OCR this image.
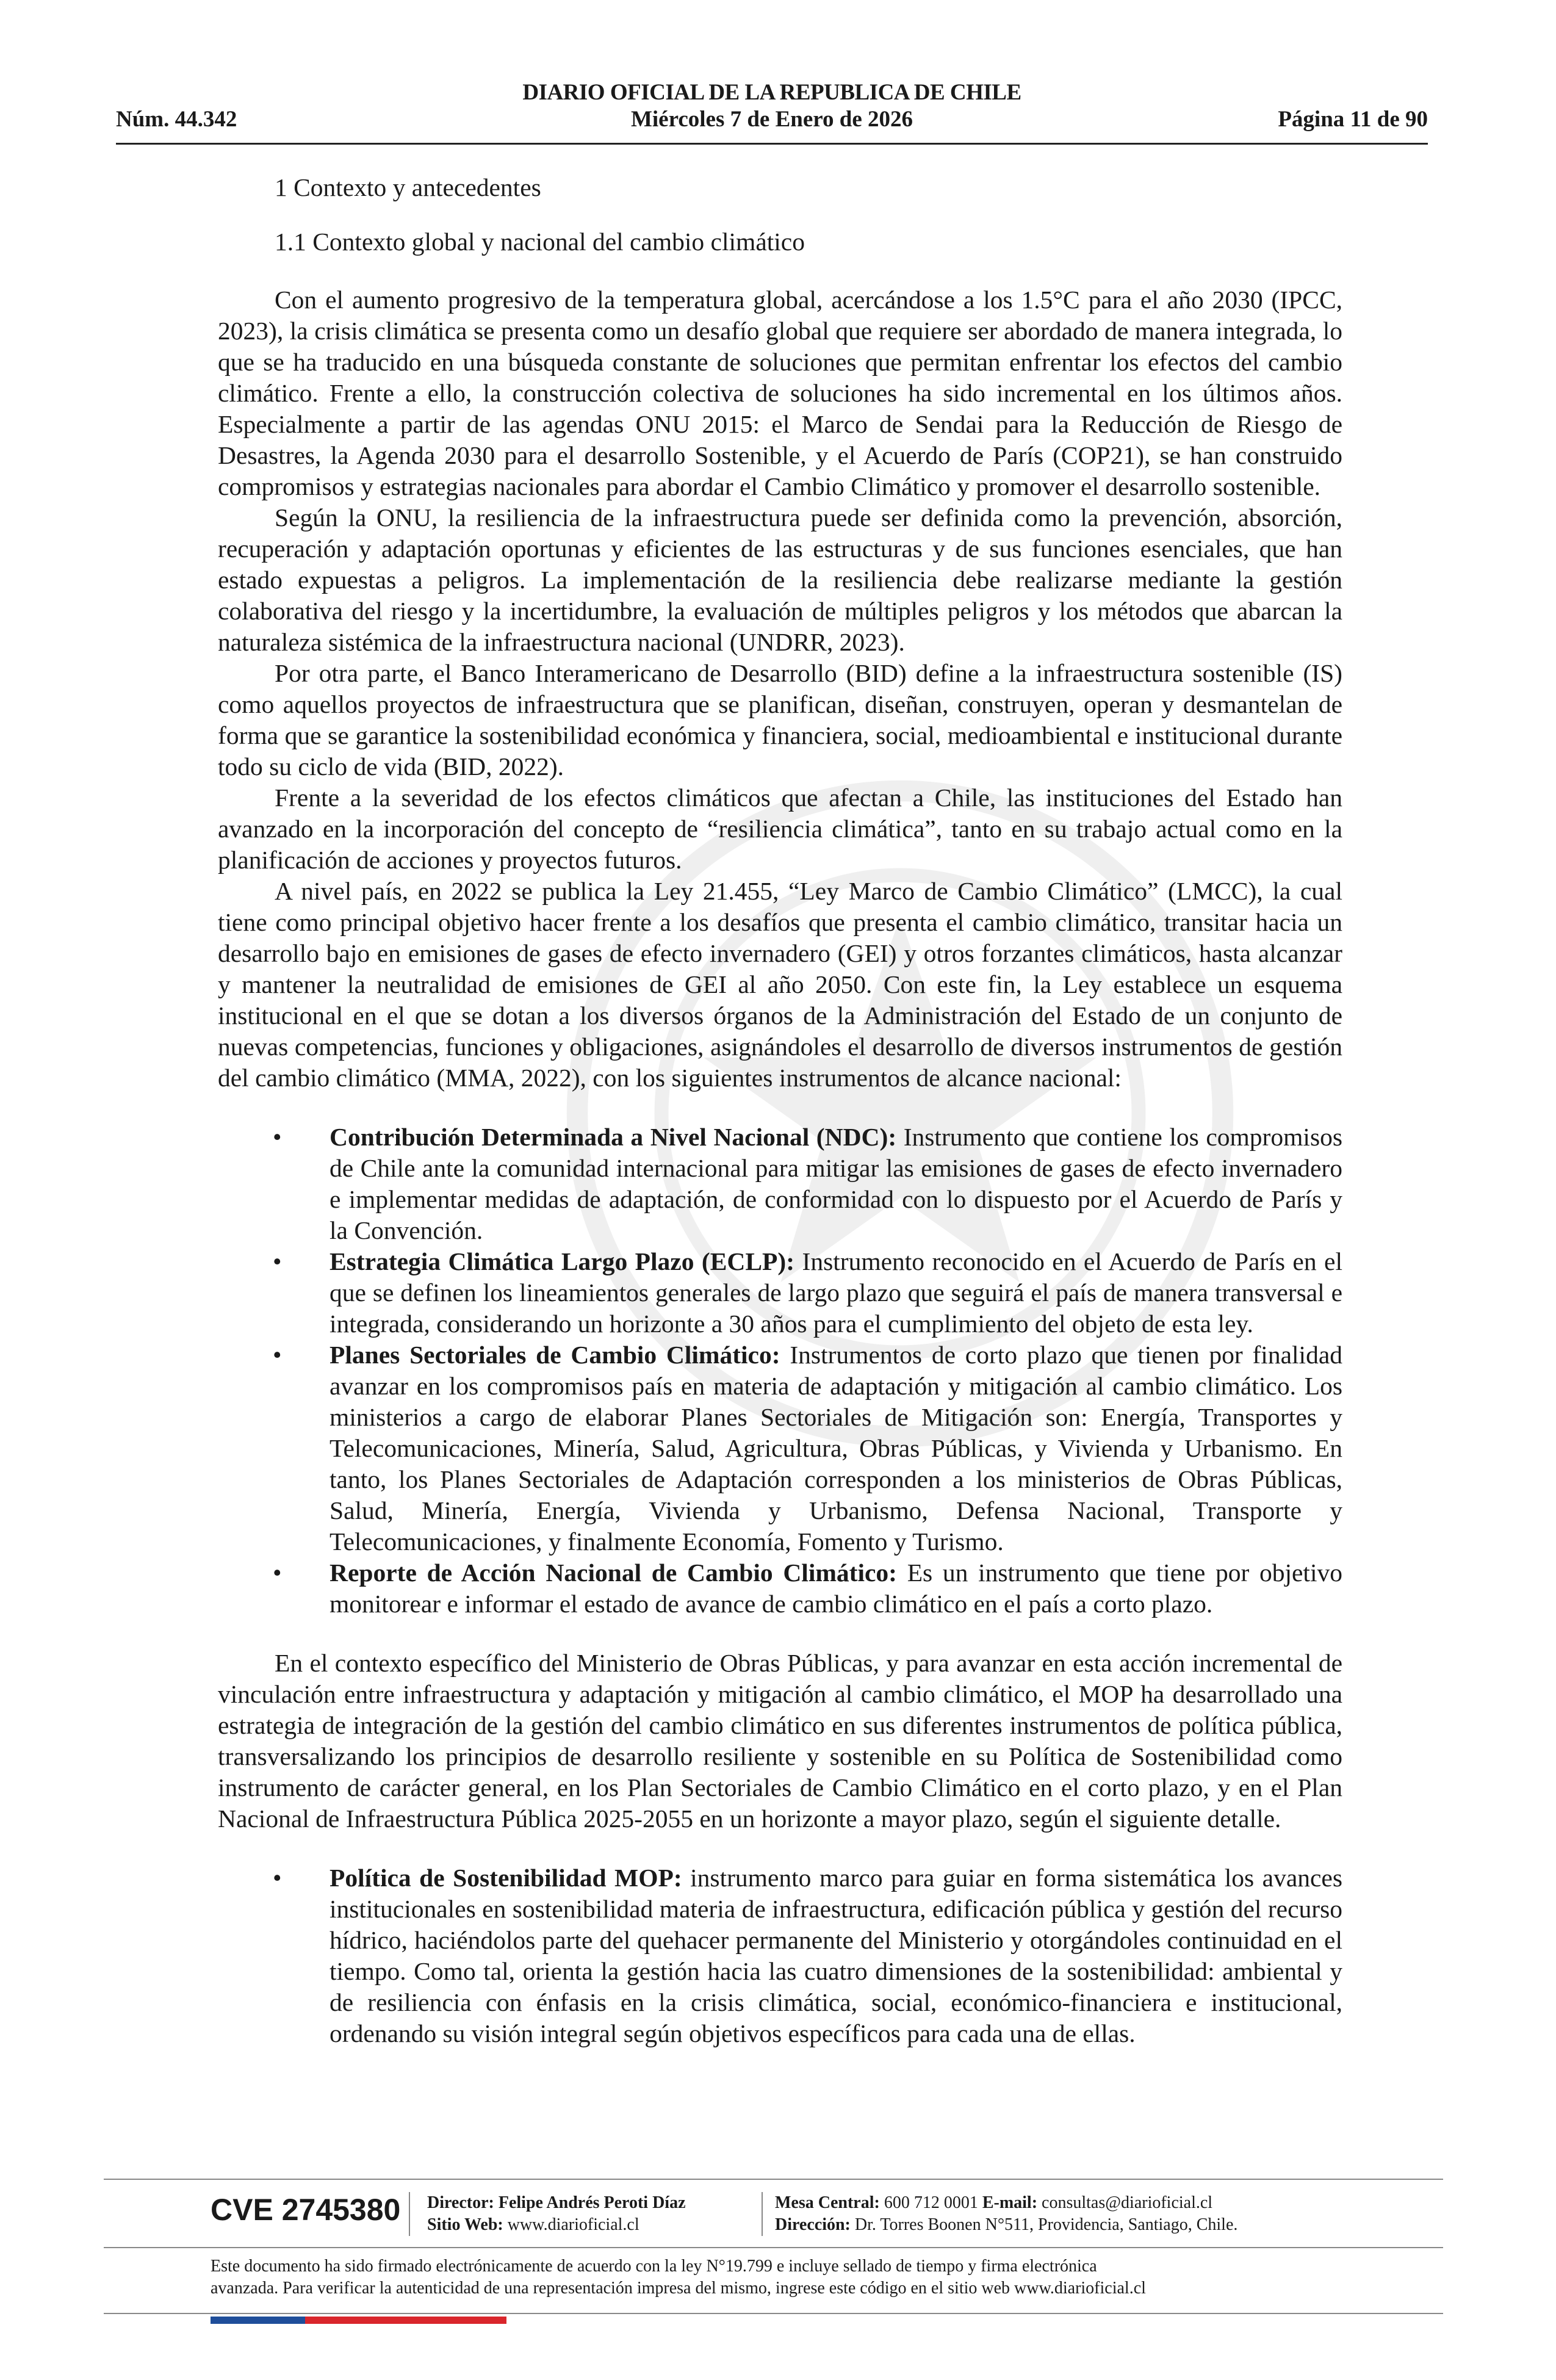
DIARIO OFICIAL DE LA REPUBLICA DE CHILE
Núm. 44.342	Miércoles 7 de Enero de 2026	Página 11 de 90

1 Contexto y antecedentes

1.1 Contexto global y nacional del cambio climático

Con el aumento progresivo de la temperatura global, acercándose a los 1.5°C para el año 2030 (IPCC, 2023), la crisis climática se presenta como un desafío global que requiere ser abordado de manera integrada, lo que se ha traducido en una búsqueda constante de soluciones que permitan enfrentar los efectos del cambio climático. Frente a ello, la construcción colectiva de soluciones ha sido incremental en los últimos años. Especialmente a partir de las agendas ONU 2015: el Marco de Sendai para la Reducción de Riesgo de Desastres, la Agenda 2030 para el desarrollo Sostenible, y el Acuerdo de París (COP21), se han construido compromisos y estrategias nacionales para abordar el Cambio Climático y promover el desarrollo sostenible.

Según la ONU, la resiliencia de la infraestructura puede ser definida como la prevención, absorción, recuperación y adaptación oportunas y eficientes de las estructuras y de sus funciones esenciales, que han estado expuestas a peligros. La implementación de la resiliencia debe realizarse mediante la gestión colaborativa del riesgo y la incertidumbre, la evaluación de múltiples peligros y los métodos que abarcan la naturaleza sistémica de la infraestructura nacional (UNDRR, 2023).

Por otra parte, el Banco Interamericano de Desarrollo (BID) define a la infraestructura sostenible (IS) como aquellos proyectos de infraestructura que se planifican, diseñan, construyen, operan y desmantelan de forma que se garantice la sostenibilidad económica y financiera, social, medioambiental e institucional durante todo su ciclo de vida (BID, 2022).

Frente a la severidad de los efectos climáticos que afectan a Chile, las instituciones del Estado han avanzado en la incorporación del concepto de “resiliencia climática”, tanto en su trabajo actual como en la planificación de acciones y proyectos futuros.

A nivel país, en 2022 se publica la Ley 21.455, “Ley Marco de Cambio Climático” (LMCC), la cual tiene como principal objetivo hacer frente a los desafíos que presenta el cambio climático, transitar hacia un desarrollo bajo en emisiones de gases de efecto invernadero (GEI) y otros forzantes climáticos, hasta alcanzar y mantener la neutralidad de emisiones de GEI al año 2050. Con este fin, la Ley establece un esquema institucional en el que se dotan a los diversos órganos de la Administración del Estado de un conjunto de nuevas competencias, funciones y obligaciones, asignándoles el desarrollo de diversos instrumentos de gestión del cambio climático (MMA, 2022), con los siguientes instrumentos de alcance nacional:

• Contribución Determinada a Nivel Nacional (NDC): Instrumento que contiene los compromisos de Chile ante la comunidad internacional para mitigar las emisiones de gases de efecto invernadero e implementar medidas de adaptación, de conformidad con lo dispuesto por el Acuerdo de París y la Convención.
• Estrategia Climática Largo Plazo (ECLP): Instrumento reconocido en el Acuerdo de París en el que se definen los lineamientos generales de largo plazo que seguirá el país de manera transversal e integrada, considerando un horizonte a 30 años para el cumplimiento del objeto de esta ley.
• Planes Sectoriales de Cambio Climático: Instrumentos de corto plazo que tienen por finalidad avanzar en los compromisos país en materia de adaptación y mitigación al cambio climático. Los ministerios a cargo de elaborar Planes Sectoriales de Mitigación son: Energía, Transportes y Telecomunicaciones, Minería, Salud, Agricultura, Obras Públicas, y Vivienda y Urbanismo. En tanto, los Planes Sectoriales de Adaptación corresponden a los ministerios de Obras Públicas, Salud, Minería, Energía, Vivienda y Urbanismo, Defensa Nacional, Transporte y Telecomunicaciones, y finalmente Economía, Fomento y Turismo.
• Reporte de Acción Nacional de Cambio Climático: Es un instrumento que tiene por objetivo monitorear e informar el estado de avance de cambio climático en el país a corto plazo.

En el contexto específico del Ministerio de Obras Públicas, y para avanzar en esta acción incremental de vinculación entre infraestructura y adaptación y mitigación al cambio climático, el MOP ha desarrollado una estrategia de integración de la gestión del cambio climático en sus diferentes instrumentos de política pública, transversalizando los principios de desarrollo resiliente y sostenible en su Política de Sostenibilidad como instrumento de carácter general, en los Plan Sectoriales de Cambio Climático en el corto plazo, y en el Plan Nacional de Infraestructura Pública 2025-2055 en un horizonte a mayor plazo, según el siguiente detalle.

• Política de Sostenibilidad MOP: instrumento marco para guiar en forma sistemática los avances institucionales en sostenibilidad materia de infraestructura, edificación pública y gestión del recurso hídrico, haciéndolos parte del quehacer permanente del Ministerio y otorgándoles continuidad en el tiempo. Como tal, orienta la gestión hacia las cuatro dimensiones de la sostenibilidad: ambiental y de resiliencia con énfasis en la crisis climática, social, económico-financiera e institucional, ordenando su visión integral según objetivos específicos para cada una de ellas.
CVE 2745380 Director: Felipe Andrés Peroti Díaz
Sitio Web: www.diarioficial.cl
Mesa Central: 600 712 0001 E-mail: consultas@diarioficial.cl
Dirección: Dr. Torres Boonen N°511, Providencia, Santiago, Chile.
Este documento ha sido firmado electrónicamente de acuerdo con la ley N°19.799 e incluye sellado de tiempo y firma electrónica
avanzada. Para verificar la autenticidad de una representación impresa del mismo, ingrese este código en el sitio web www.diarioficial.cl
